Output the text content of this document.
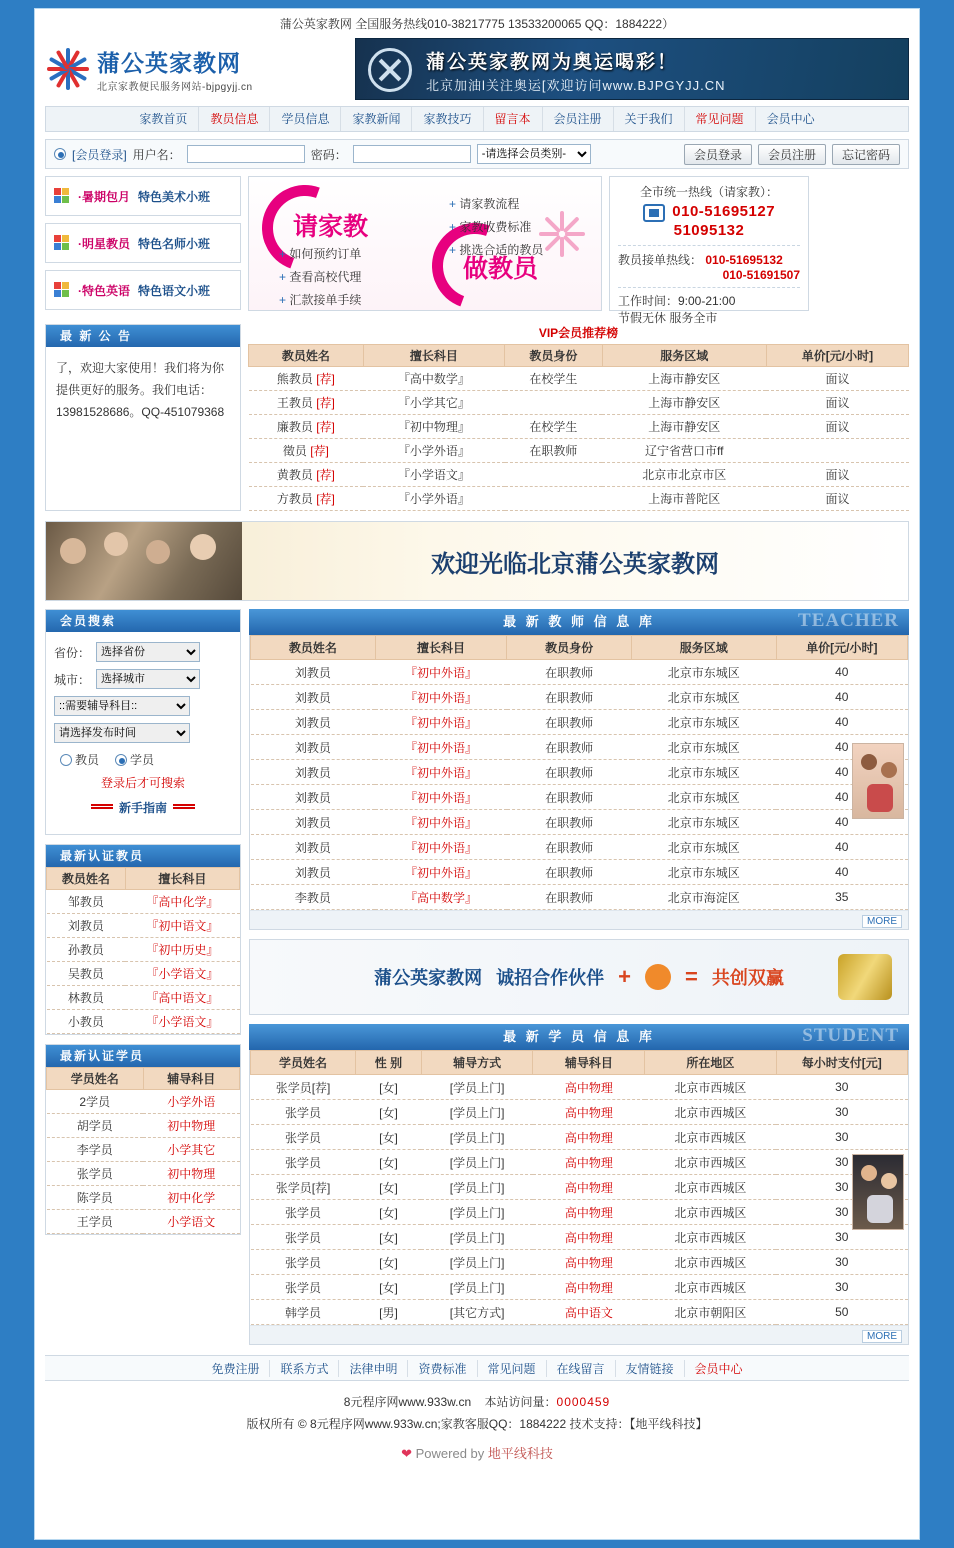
蒲公英家教网 全国服务热线010-38217775 13533200065 QQ：1884222）
蒲公英家教网
北京家教便民服务网站-bjpgyjj.cn
蒲公英家教网为奥运喝彩！
北京加油l关注奥运[欢迎访问www.BJPGYJJ.CN
家教首页	教员信息	学员信息	家教新闻	家教技巧	留言本	会员注册	关于我们	常见问题	会员中心
[会员登录] 用户名：	密码：
-请选择会员类别-	会员登录	会员注册	忘记密码
·暑期包月 特色美术小班
·明星教员 特色名师小班
·特色英语 特色语文小班
请家教
做教员
+ 请家教流程
+ 家教收费标准
+ 挑选合适的教员
+ 如何预约订单
+ 查看高校代理
+ 汇款接单手续
全市统一热线（请家教）：
010-51695127
51095132
教员接单热线： 010-51695132
010-51691507
工作时间：9:00-21:00
节假无休 服务全市
最 新 公 告
了，欢迎大家使用！我们将为你提供更好的服务。我们电话：13981528686。QQ-451079368
VIP会员推荐榜
教员姓名	擅长科目	教员身份	服务区域	单价[元/小时]
熊教员 [荐]	『高中数学』	在校学生	上海市静安区	面议
王教员 [荐]	『小学其它』		上海市静安区	面议
廉教员 [荐]	『初中物理』	在校学生	上海市静安区	面议
徵员 [荐]	『小学外语』	在职教师	辽宁省营口市ff	
黄教员 [荐]	『小学语文』		北京市北京市区	面议
方教员 [荐]	『小学外语』		上海市普陀区	面议
欢迎光临北京蒲公英家教网
会员搜索
省份：
选择省份
城市：
选择城市
::需要辅导科目::
请选择发布时间
教员	学员
登录后才可搜索
新手指南
最新认证教员
教员姓名	擅长科目
邹教员	『高中化学』
刘教员	『初中语文』
孙教员	『初中历史』
吴教员	『小学语文』
林教员	『高中语文』
小教员	『小学语文』
最新认证学员
学员姓名	辅导科目
2学员	小学外语
胡学员	初中物理
李学员	小学其它
张学员	初中物理
陈学员	初中化学
王学员	小学语文
最 新 教 师 信 息 库	TEACHER
教员姓名	擅长科目	教员身份	服务区域	单价[元/小时]
刘教员	『初中外语』	在职教师	北京市东城区	40
刘教员	『初中外语』	在职教师	北京市东城区	40
刘教员	『初中外语』	在职教师	北京市东城区	40
刘教员	『初中外语』	在职教师	北京市东城区	40
刘教员	『初中外语』	在职教师	北京市东城区	40
刘教员	『初中外语』	在职教师	北京市东城区	40
刘教员	『初中外语』	在职教师	北京市东城区	40
刘教员	『初中外语』	在职教师	北京市东城区	40
刘教员	『初中外语』	在职教师	北京市东城区	40
李教员	『高中数学』	在职教师	北京市海淀区	35
MORE
蒲公英家教网 诚招合作伙伴 + = 共创双赢
最 新 学 员 信 息 库	STUDENT
学员姓名	性 别	辅导方式	辅导科目	所在地区	每小时支付[元]
张学员[荐]	[女]	[学员上门]	高中物理	北京市西城区	30
张学员	[女]	[学员上门]	高中物理	北京市西城区	30
张学员	[女]	[学员上门]	高中物理	北京市西城区	30
张学员	[女]	[学员上门]	高中物理	北京市西城区	30
张学员[荐]	[女]	[学员上门]	高中物理	北京市西城区	30
张学员	[女]	[学员上门]	高中物理	北京市西城区	30
张学员	[女]	[学员上门]	高中物理	北京市西城区	30
张学员	[女]	[学员上门]	高中物理	北京市西城区	30
张学员	[女]	[学员上门]	高中物理	北京市西城区	30
韩学员	[男]	[其它方式]	高中语文	北京市朝阳区	50
MORE
免费注册	联系方式	法律申明	资费标准	常见问题	在线留言	友情链接	会员中心
8元程序网www.933w.cn 本站访问量：0000459
版权所有 © 8元程序网www.933w.cn;家教客服QQ：1884222 技术支持：【地平线科技】
❤ Powered by 地平线科技
